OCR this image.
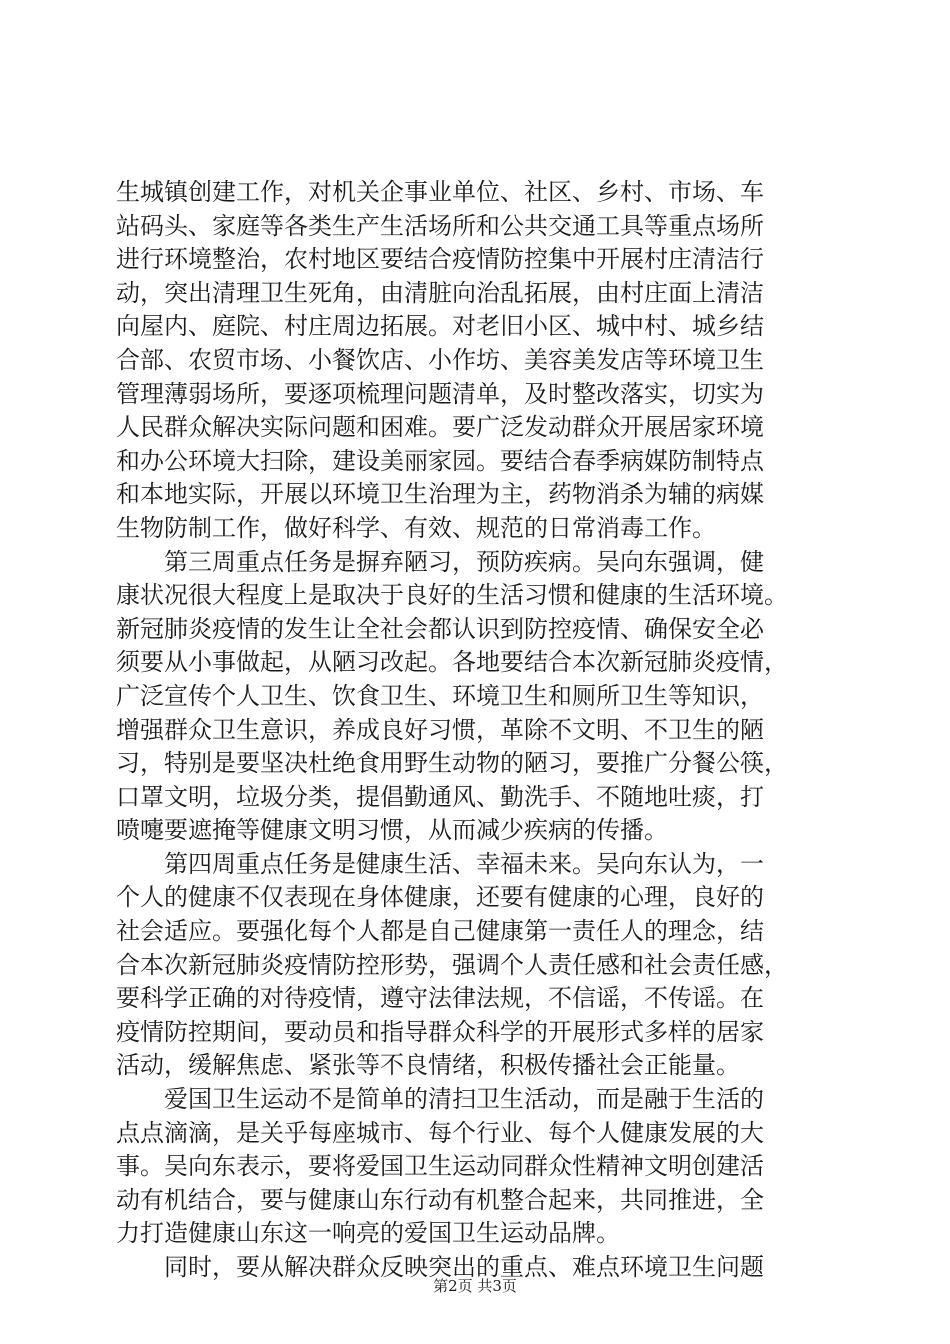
生城镇创建工作，对机关企事业单位、社区、乡村、市场、车
站码头、家庭等各类生产生活场所和公共交通工具等重点场所
进行环境整治，农村地区要结合疫情防控集中开展村庄清洁行
动，突出清理卫生死角，由清脏向治乱拓展，由村庄面上清洁
向屋内、庭院、村庄周边拓展。对老旧小区、城中村、城乡结
合部、农贸市场、小餐饮店、小作坊、美容美发店等环境卫生
管理薄弱场所，要逐项梳理问题清单，及时整改落实，切实为
人民群众解决实际问题和困难。要广泛发动群众开展居家环境
和办公环境大扫除，建设美丽家园。要结合春季病媒防制特点
和本地实际，开展以环境卫生治理为主，药物消杀为辅的病媒
生物防制工作，做好科学、有效、规范的日常消毒工作。
　　第三周重点任务是摒弃陋习，预防疾病。吴向东强调，健
康状况很大程度上是取决于良好的生活习惯和健康的生活环境。
新冠肺炎疫情的发生让全社会都认识到防控疫情、确保安全必
须要从小事做起，从陋习改起。各地要结合本次新冠肺炎疫情，
广泛宣传个人卫生、饮食卫生、环境卫生和厕所卫生等知识，
增强群众卫生意识，养成良好习惯，革除不文明、不卫生的陋
习，特别是要坚决杜绝食用野生动物的陋习，要推广分餐公筷，
口罩文明，垃圾分类，提倡勤通风、勤洗手、不随地吐痰，打
喷嚏要遮掩等健康文明习惯，从而减少疾病的传播。
　　第四周重点任务是健康生活、幸福未来。吴向东认为，一
个人的健康不仅表现在身体健康，还要有健康的心理，良好的
社会适应。要强化每个人都是自己健康第一责任人的理念，结
合本次新冠肺炎疫情防控形势，强调个人责任感和社会责任感，
要科学正确的对待疫情，遵守法律法规，不信谣，不传谣。在
疫情防控期间，要动员和指导群众科学的开展形式多样的居家
活动，缓解焦虑、紧张等不良情绪，积极传播社会正能量。
　　爱国卫生运动不是简单的清扫卫生活动，而是融于生活的
点点滴滴，是关乎每座城市、每个行业、每个人健康发展的大
事。吴向东表示，要将爱国卫生运动同群众性精神文明创建活
动有机结合，要与健康山东行动有机整合起来，共同推进，全
力打造健康山东这一响亮的爱国卫生运动品牌。
　　同时，要从解决群众反映突出的重点、难点环境卫生问题
第2页 共3页
